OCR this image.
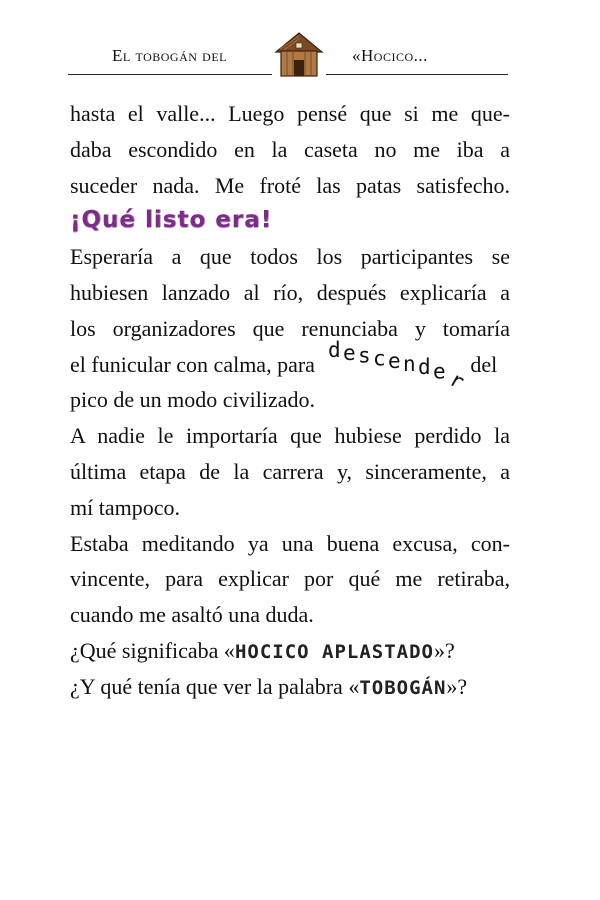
El tobogán del	«Hocico...
hasta el valle... Luego pensé que si me que-
daba escondido en la caseta no me iba a
suceder nada. Me froté las patas satisfecho.
¡Qué listo era!
Esperaría a que todos los participantes se
hubiesen lanzado al río, después explicaría a
los organizadores que renunciaba y tomaría
el funicular con calma, para
d e s c e n d er
del
pico de un modo civilizado.
A nadie le importaría que hubiese perdido la
última etapa de la carrera y, sinceramente, a
mí tampoco.
Estaba meditando ya una buena excusa, con-
vincente, para explicar por qué me retiraba,
cuando me asaltó una duda.
¿Qué significaba «HOCICO APLASTADO»?
¿Y qué tenía que ver la palabra «TOBOGÁN»?
